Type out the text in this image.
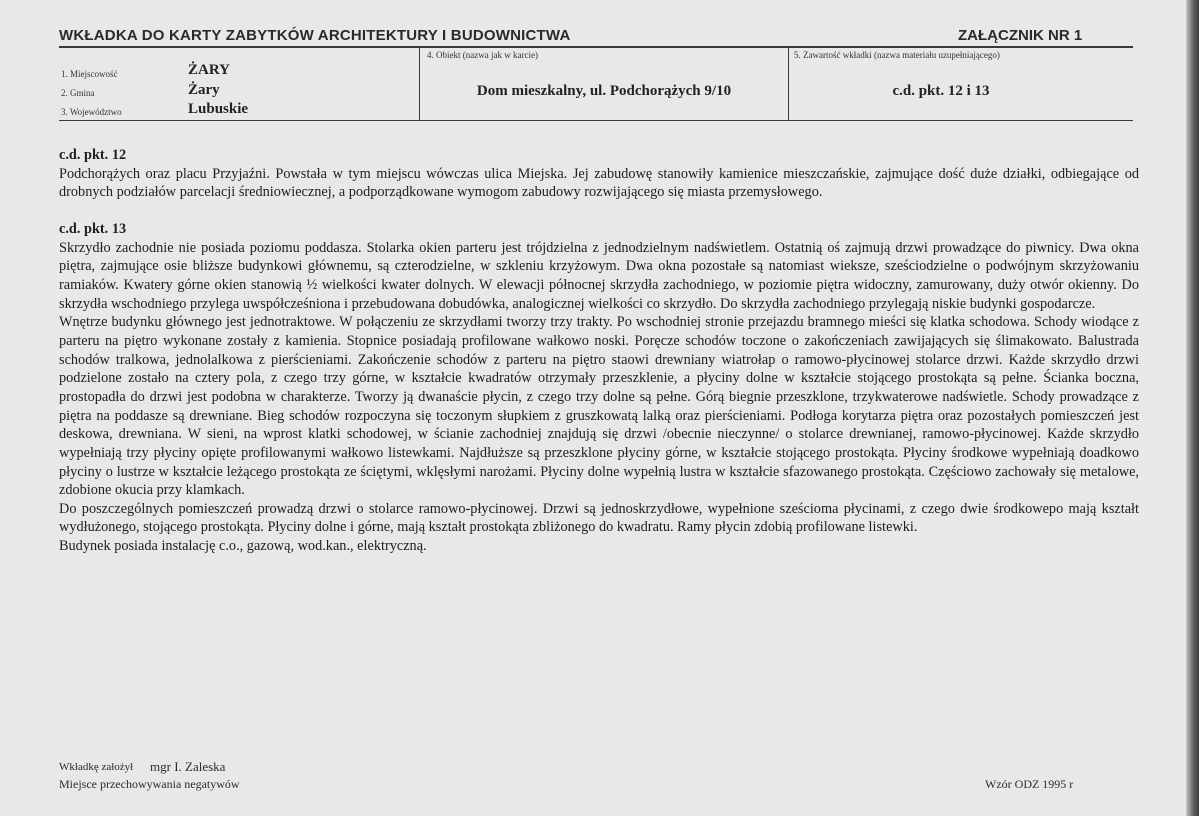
WKŁADKA DO KARTY ZABYTKÓW ARCHITEKTURY I BUDOWNICTWA	ZAŁĄCZNIK NR 1
1. Miejscowość	ŻARY
2. Gmina	Żary
3. Województwo	Lubuskie
4. Obiekt (nazwa jak w karcie)
Dom mieszkalny, ul. Podchorążych 9/10
5. Zawartość wkładki (nazwa materiału uzupełniającego)
c.d. pkt. 12 i 13

c.d. pkt. 12

Podchorążych oraz placu Przyjaźni. Powstała w tym miejscu wówczas ulica Miejska. Jej zabudowę stanowiły kamienice mieszczańskie, zajmujące dość duże działki, odbiegające od drobnych podziałów parcelacji średniowiecznej, a podporządkowane wymogom zabudowy rozwijającego się miasta przemysłowego.

c.d. pkt. 13

Skrzydło zachodnie nie posiada poziomu poddasza. Stolarka okien parteru jest trójdzielna z jednodzielnym nadświetlem. Ostatnią oś zajmują drzwi prowadzące do piwnicy. Dwa okna piętra, zajmujące osie bliższe budynkowi głównemu, są czterodzielne, w szkleniu krzyżowym. Dwa okna pozostałe są natomiast wieksze, sześciodzielne o podwójnym skrzyżowaniu ramiaków. Kwatery górne okien stanowią ½ wielkości kwater dolnych. W elewacji północnej skrzydła zachodniego, w poziomie piętra widoczny, zamurowany, duży otwór okienny. Do skrzydła wschodniego przylega uwspółcześniona i przebudowana dobudówka, analogicznej wielkości co skrzydło. Do skrzydła zachodniego przylegają niskie budynki gospodarcze.

Wnętrze budynku głównego jest jednotraktowe. W połączeniu ze skrzydłami tworzy trzy trakty. Po wschodniej stronie przejazdu bramnego mieści się klatka schodowa. Schody wiodące z parteru na piętro wykonane zostały z kamienia. Stopnice posiadają profilowane wałkowo noski. Poręcze schodów toczone o zakończeniach zawijających się ślimakowato. Balustrada schodów tralkowa, jednolalkowa z pierścieniami. Zakończenie schodów z parteru na piętro staowi drewniany wiatrołap o ramowo-płycinowej stolarce drzwi. Każde skrzydło drzwi podzielone zostało na cztery pola, z czego trzy górne, w kształcie kwadratów otrzymały przeszklenie, a płyciny dolne w kształcie stojącego prostokąta są pełne. Ścianka boczna, prostopadła do drzwi jest podobna w charakterze. Tworzy ją dwanaście płycin, z czego trzy dolne są pełne. Górą biegnie przeszklone, trzykwaterowe nadświetle. Schody prowadzące z piętra na poddasze są drewniane. Bieg schodów rozpoczyna się toczonym słupkiem z gruszkowatą lalką oraz pierścieniami. Podłoga korytarza piętra oraz pozostałych pomieszczeń jest deskowa, drewniana. W sieni, na wprost klatki schodowej, w ścianie zachodniej znajdują się drzwi /obecnie nieczynne/ o stolarce drewnianej, ramowo-płycinowej. Każde skrzydło wypełniają trzy płyciny opięte profilowanymi wałkowo listewkami. Najdłuższe są przeszklone płyciny górne, w kształcie stojącego prostokąta. Płyciny środkowe wypełniają doadkowo płyciny o lustrze w kształcie leżącego prostokąta ze ściętymi, wklęsłymi narożami. Płyciny dolne wypełnią lustra w kształcie sfazowanego prostokąta. Częściowo zachowały się metalowe, zdobione okucia przy klamkach.

Do poszczególnych pomieszczeń prowadzą drzwi o stolarce ramowo-płycinowej. Drzwi są jednoskrzydłowe, wypełnione sześcioma płycinami, z czego dwie środkowepo mają kształt wydłużonego, stojącego prostokąta. Płyciny dolne i górne, mają kształt prostokąta zbliżonego do kwadratu. Ramy płycin zdobią profilowane listewki.

Budynek posiada instalację c.o., gazową, wod.kan., elektryczną.

Wkładkę założył mgr I. Zaleska
Miejsce przechowywania negatywów	Wzór ODZ 1995 r
